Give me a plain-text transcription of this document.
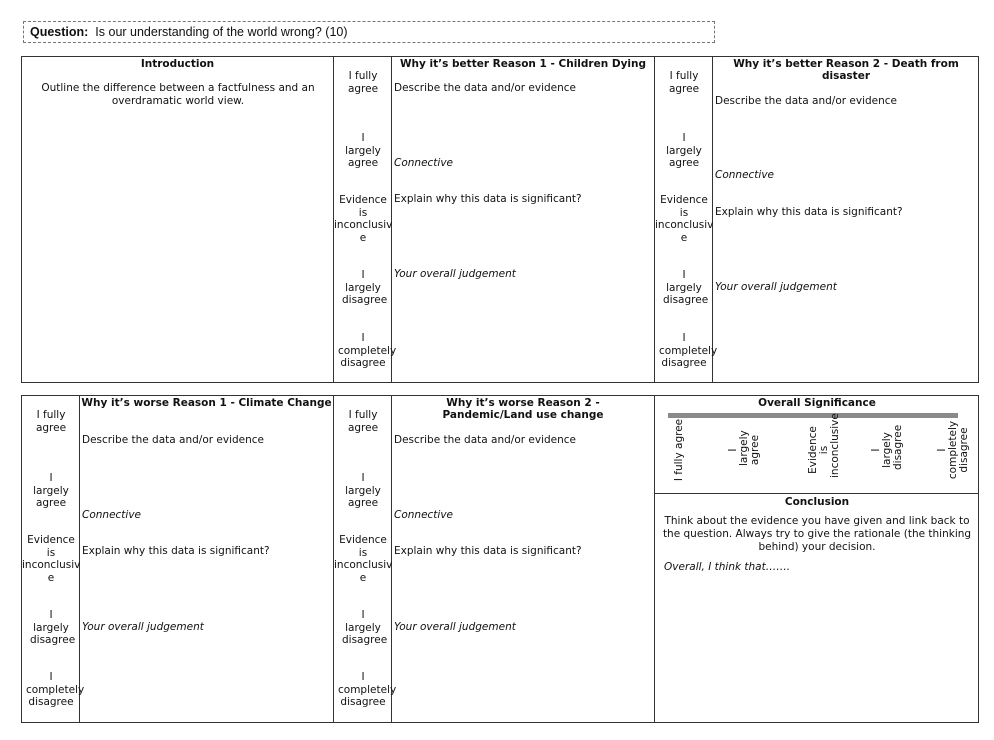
Question: Is our understanding of the world wrong? (10)
Introduction
Outline the difference between a factfulness and an overdramatic world view.
I fully agree
I largely agree
Evidence is inconclusiv e
I largely disagree
I completely disagree
Why it’s better Reason 1 - Children Dying
Describe the data and/or evidence
Connective
Explain why this data is significant?
Your overall judgement
I fully agree
I largely agree
Evidence is inconclusiv e
I largely disagree
I completely disagree
Why it’s better Reason 2 - Death from disaster
Describe the data and/or evidence
Connective
Explain why this data is significant?
Your overall judgement
I fully agree
I largely agree
Evidence is inconclusiv e
I largely disagree
I completely disagree
Why it’s worse Reason 1 - Climate Change
Describe the data and/or evidence
Connective
Explain why this data is significant?
Your overall judgement
I fully agree
I largely agree
Evidence is inconclusiv e
I largely disagree
I completely disagree
Why it’s worse Reason 2 - Pandemic/Land use change
Describe the data and/or evidence
Connective
Explain why this data is significant?
Your overall judgement
Overall Significance
I fully agree	I largely agree	Evidence is inconclusive	I largely disagree	I completely disagree
Conclusion
Think about the evidence you have given and link back to the question. Always try to give the rationale (the thinking behind) your decision.
Overall, I think that…….
